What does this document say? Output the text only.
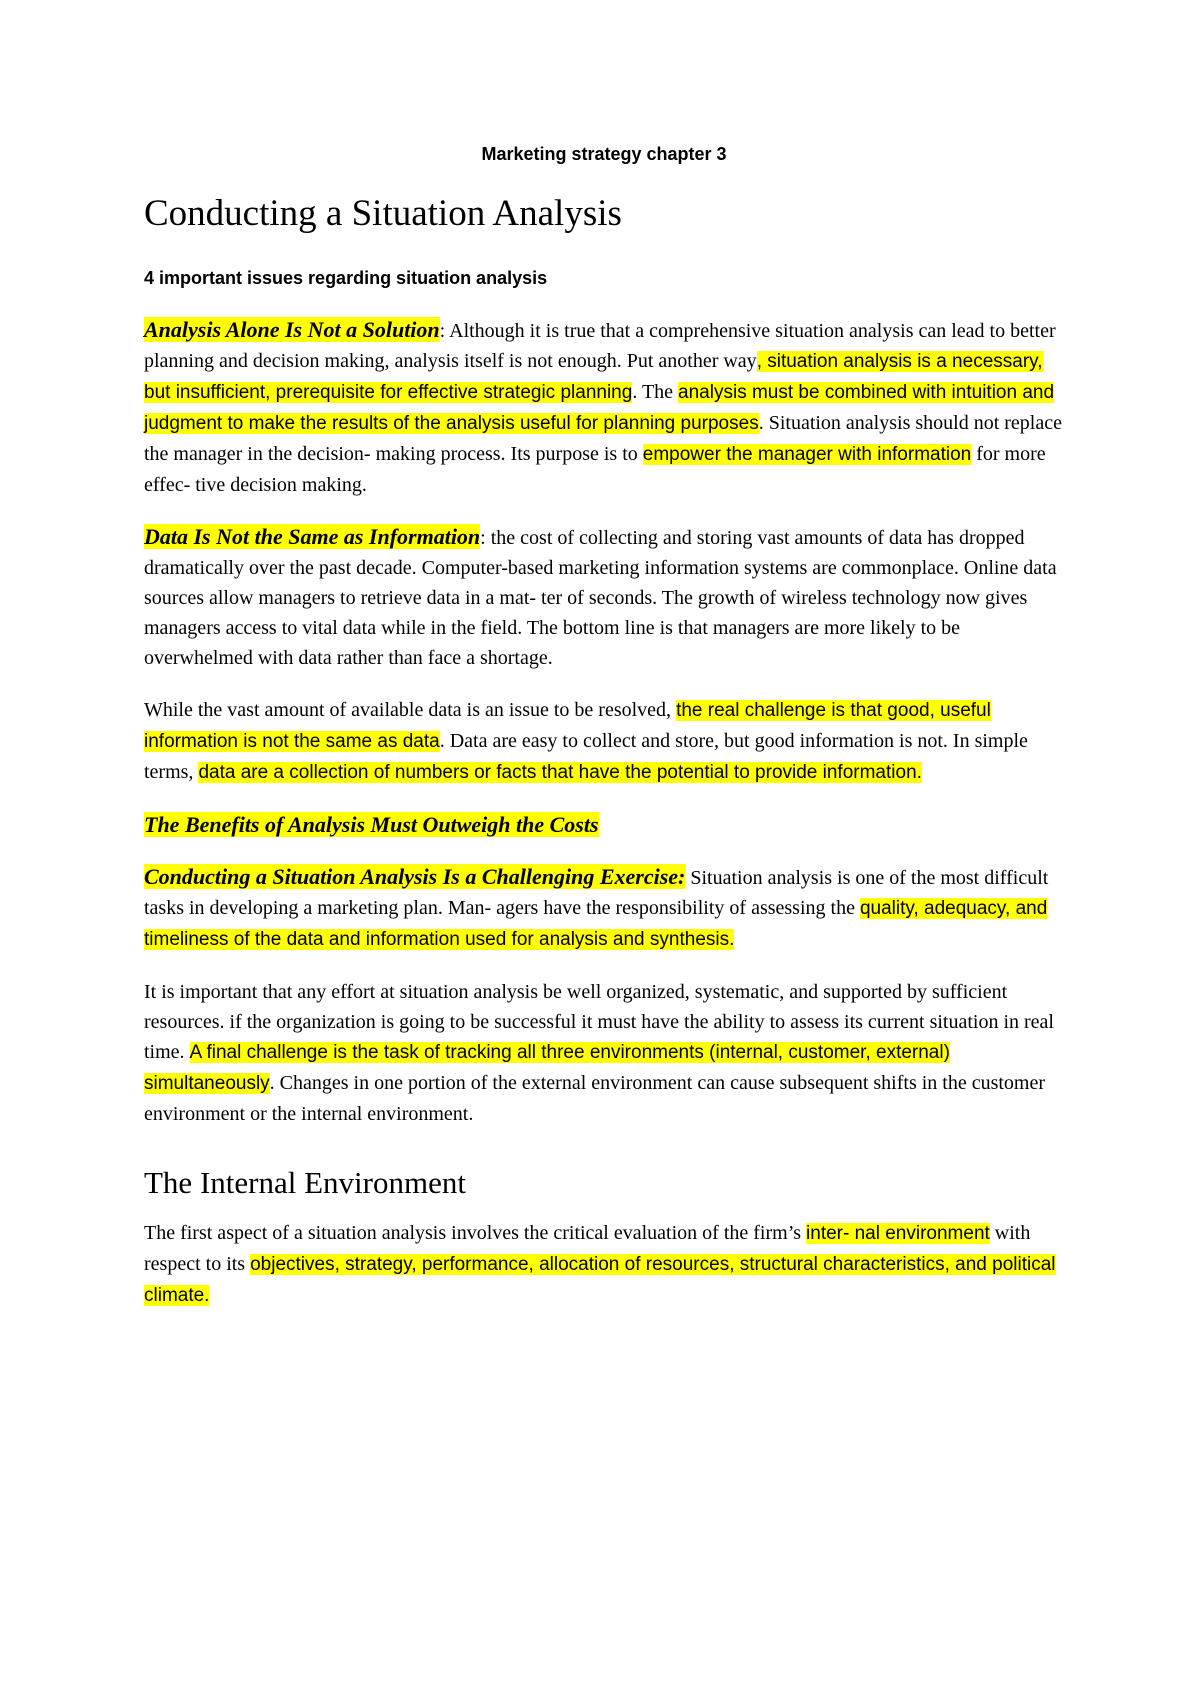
Marketing strategy chapter 3
Conducting a Situation Analysis
4 important issues regarding situation analysis

Analysis Alone Is Not a Solution: Although it is true that a comprehensive situation analysis can lead to better planning and decision making, analysis itself is not enough. Put another way, situation analysis is a necessary, but insufficient, prerequisite for effective strategic planning. The analysis must be combined with intuition and judgment to make the results of the analysis useful for planning purposes. Situation analysis should not replace the manager in the decision- making process. Its purpose is to empower the manager with information for more effec- tive decision making.

Data Is Not the Same as Information: the cost of collecting and storing vast amounts of data has dropped dramatically over the past decade. Computer-based marketing information systems are commonplace. Online data sources allow managers to retrieve data in a mat- ter of seconds. The growth of wireless technology now gives managers access to vital data while in the field. The bottom line is that managers are more likely to be overwhelmed with data rather than face a shortage.

While the vast amount of available data is an issue to be resolved, the real challenge is that good, useful information is not the same as data. Data are easy to collect and store, but good information is not. In simple terms, data are a collection of numbers or facts that have the potential to provide information.

The Benefits of Analysis Must Outweigh the Costs

Conducting a Situation Analysis Is a Challenging Exercise: Situation analysis is one of the most difficult tasks in developing a marketing plan. Man- agers have the responsibility of assessing the quality, adequacy, and timeliness of the data and information used for analysis and synthesis.

It is important that any effort at situation analysis be well organized, systematic, and supported by sufficient resources. if the organization is going to be successful it must have the ability to assess its current situation in real time. A final challenge is the task of tracking all three environments (internal, customer, external) simultaneously. Changes in one portion of the external environment can cause subsequent shifts in the customer environment or the internal environment.

The Internal Environment

The first aspect of a situation analysis involves the critical evaluation of the firm’s inter- nal environment with respect to its objectives, strategy, performance, allocation of resources, structural characteristics, and political climate.
